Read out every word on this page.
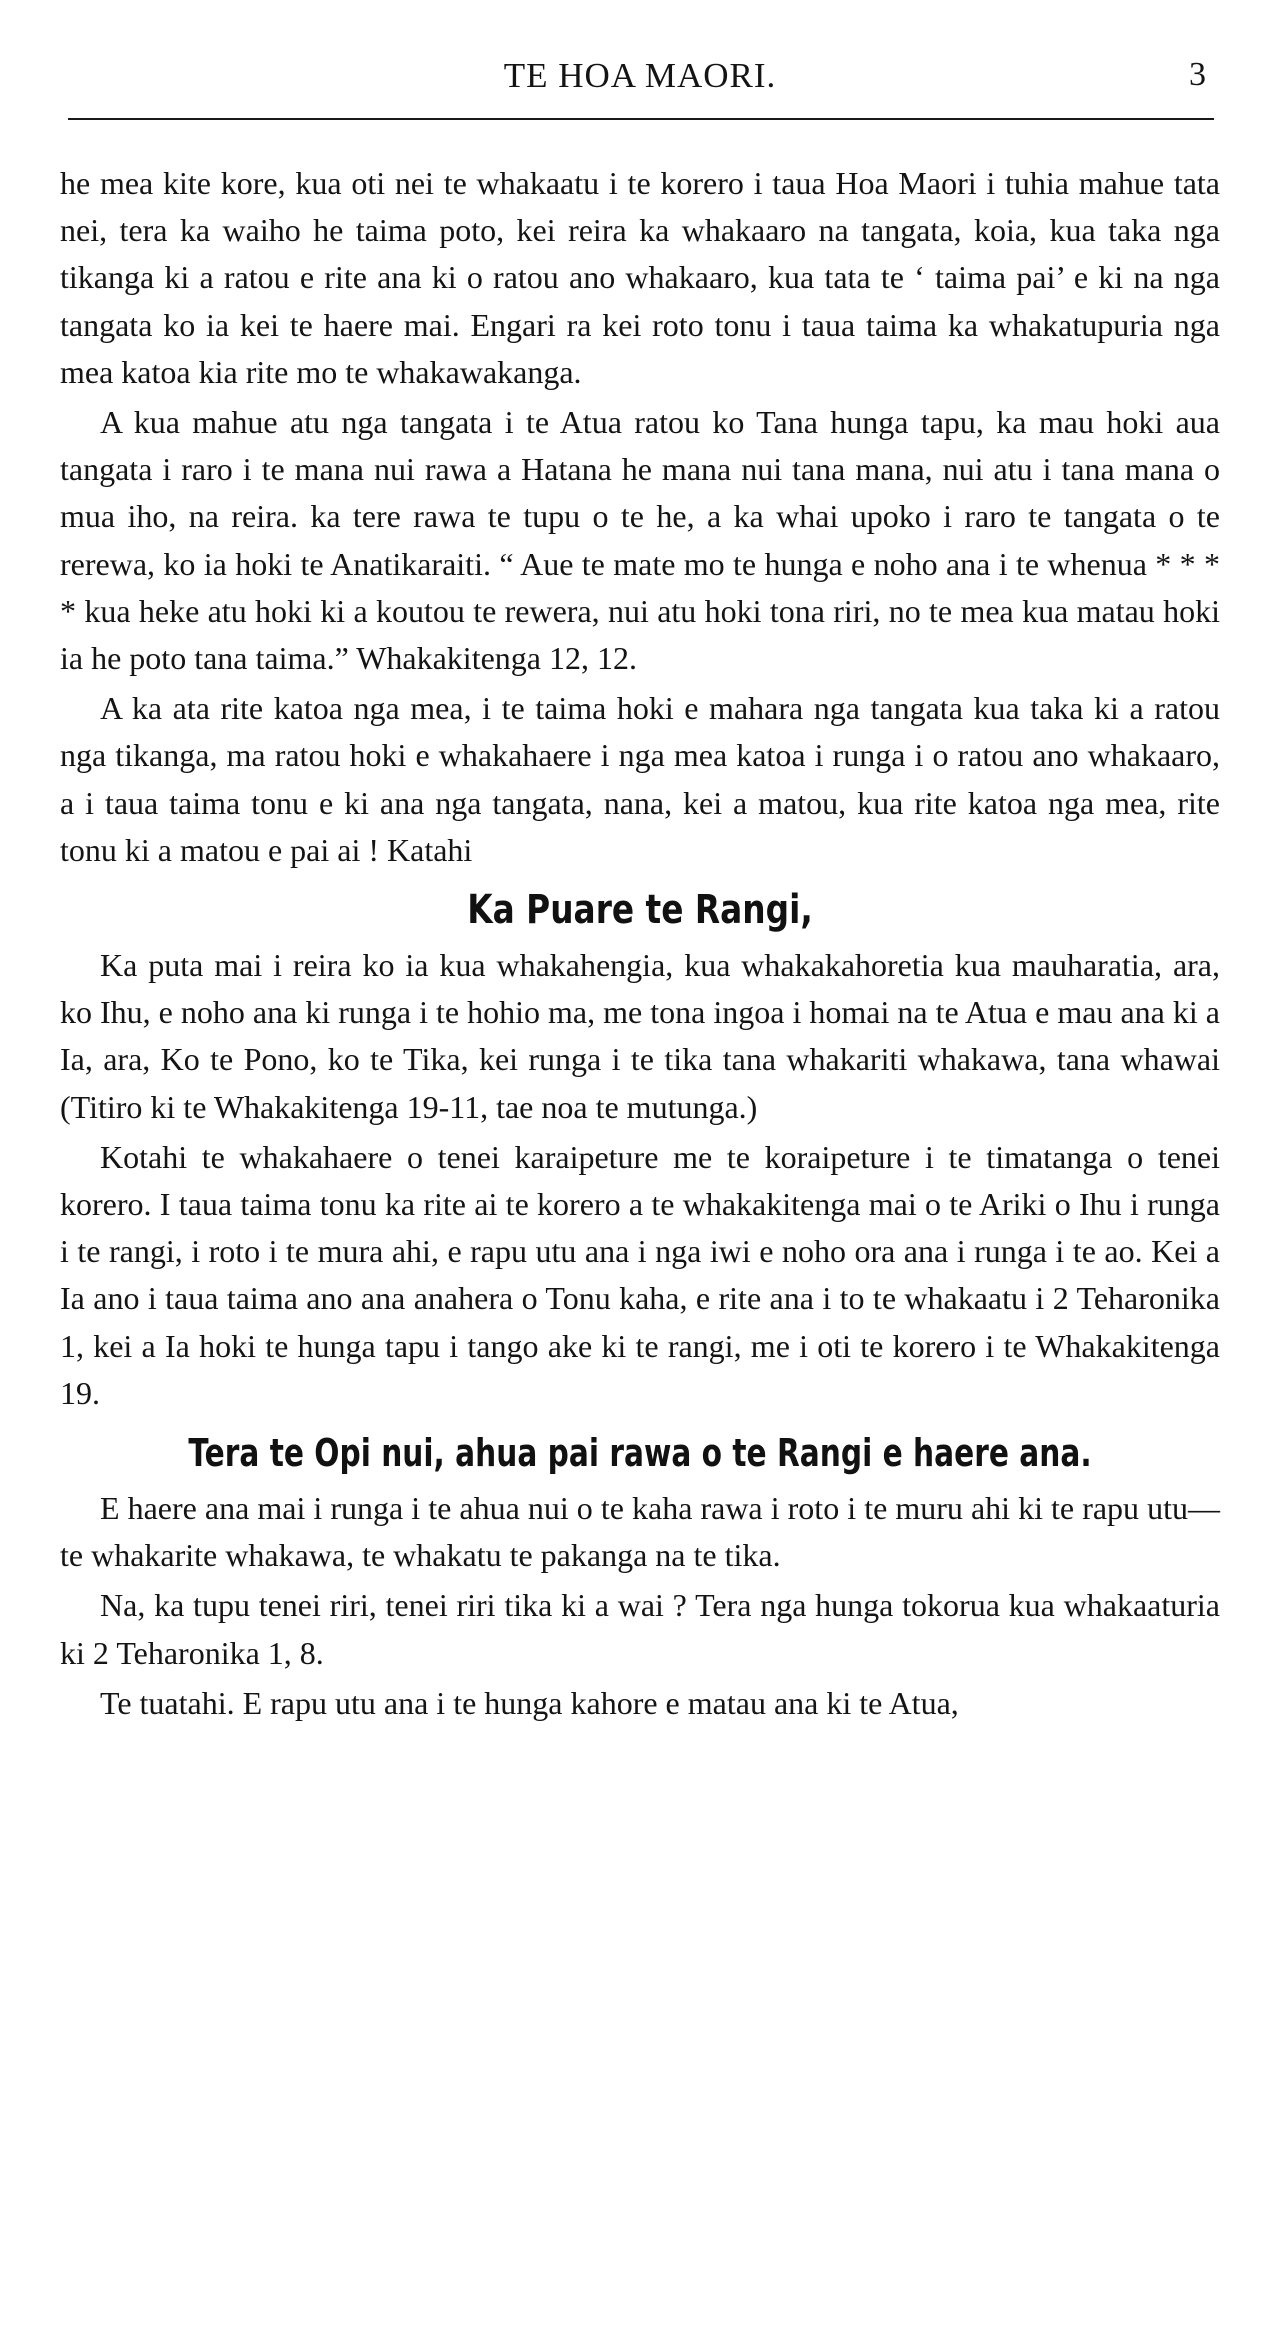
TE HOA MAORI.	3

he mea kite kore, kua oti nei te whakaatu i te korero i taua Hoa Maori i tuhia mahue tata nei, tera ka waiho he taima poto, kei reira ka whakaaro na tangata, koia, kua taka nga tikanga ki a ratou e rite ana ki o ratou ano whakaaro, kua tata te ‘ taima pai’ e ki na nga tangata ko ia kei te haere mai. Engari ra kei roto tonu i taua taima ka whakatupuria nga mea katoa kia rite mo te whakawakanga.

A kua mahue atu nga tangata i te Atua ratou ko Tana hunga tapu, ka mau hoki aua tangata i raro i te mana nui rawa a Hatana he mana nui tana mana, nui atu i tana mana o mua iho, na reira. ka tere rawa te tupu o te he, a ka whai upoko i raro te tangata o te rerewa, ko ia hoki te Anatikaraiti. “ Aue te mate mo te hunga e noho ana i te whenua * * * * kua heke atu hoki ki a koutou te rewera, nui atu hoki tona riri, no te mea kua matau hoki ia he poto tana taima.” Whakakitenga 12, 12.

A ka ata rite katoa nga mea, i te taima hoki e mahara nga tangata kua taka ki a ratou nga tikanga, ma ratou hoki e whakahaere i nga mea katoa i runga i o ratou ano whakaaro, a i taua taima tonu e ki ana nga tangata, nana, kei a matou, kua rite katoa nga mea, rite tonu ki a matou e pai ai ! Katahi

Ka Puare te Rangi,

Ka puta mai i reira ko ia kua whakahengia, kua whakakahoretia kua mauharatia, ara, ko Ihu, e noho ana ki runga i te hohio ma, me tona ingoa i homai na te Atua e mau ana ki a Ia, ara, Ko te Pono, ko te Tika, kei runga i te tika tana whakariti whakawa, tana whawai (Titiro ki te Whakakitenga 19-11, tae noa te mutunga.)

Kotahi te whakahaere o tenei karaipeture me te koraipeture i te timatanga o tenei korero. I taua taima tonu ka rite ai te korero a te whakakitenga mai o te Ariki o Ihu i runga i te rangi, i roto i te mura ahi, e rapu utu ana i nga iwi e noho ora ana i runga i te ao. Kei a Ia ano i taua taima ano ana anahera o Tonu kaha, e rite ana i to te whakaatu i 2 Teharonika 1, kei a Ia hoki te hunga tapu i tango ake ki te rangi, me i oti te korero i te Whakakitenga 19.

Tera te Opi nui, ahua pai rawa o te Rangi e haere ana.

E haere ana mai i runga i te ahua nui o te kaha rawa i roto i te muru ahi ki te rapu utu—te whakarite whakawa, te whakatu te pakanga na te tika.

Na, ka tupu tenei riri, tenei riri tika ki a wai ? Tera nga hunga tokorua kua whakaaturia ki 2 Teharonika 1, 8.

Te tuatahi. E rapu utu ana i te hunga kahore e matau ana ki te Atua,
